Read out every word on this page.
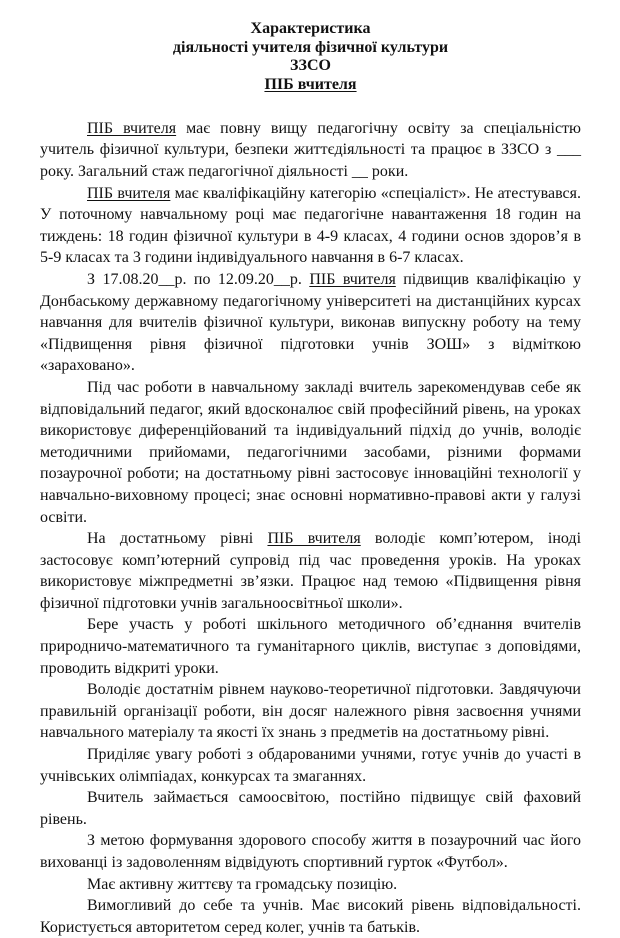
Характеристика
діяльності учителя фізичної культури
ЗЗСО
ПІБ вчителя

ПІБ вчителя має повну вищу педагогічну освіту за спеціальністю учитель фізичної культури, безпеки життєдіяльності та працює в ЗЗСО з ___ року. Загальний стаж педагогічної діяльності __ роки.

ПІБ вчителя має кваліфікаційну категорію «спеціаліст». Не атестувався. У поточному навчальному році має педагогічне навантаження 18 годин на тиждень: 18 годин фізичної культури в 4-9 класах, 4 години основ здоров’я в 5-9 класах та 3 години індивідуального навчання в 6-7 класах.

З 17.08.20__р. по 12.09.20__р. ПІБ вчителя підвищив кваліфікацію у Донбаському державному педагогічному університеті на дистанційних курсах навчання для вчителів фізичної культури, виконав випускну роботу на тему «Підвищення рівня фізичної підготовки учнів ЗОШ» з відміткою «зараховано».

Під час роботи в навчальному закладі вчитель зарекомендував себе як відповідальний педагог, який вдосконалює свій професійний рівень, на уроках використовує диференційований та індивідуальний підхід до учнів, володіє методичними прийомами, педагогічними засобами, різними формами позаурочної роботи; на достатньому рівні застосовує інноваційні технології у навчально-виховному процесі; знає основні нормативно-правові акти у галузі освіти.

На достатньому рівні ПІБ вчителя володіє комп’ютером, іноді застосовує комп’ютерний супровід під час проведення уроків. На уроках використовує міжпредметні зв’язки. Працює над темою «Підвищення рівня фізичної підготовки учнів загальноосвітньої школи».

Бере участь у роботі шкільного методичного об’єднання вчителів природничо-математичного та гуманітарного циклів, виступає з доповідями, проводить відкриті уроки.

Володіє достатнім рівнем науково-теоретичної підготовки. Завдячуючи правильній організації роботи, він досяг належного рівня засвоєння учнями навчального матеріалу та якості їх знань з предметів на достатньому рівні.

Приділяє увагу роботі з обдарованими учнями, готує учнів до участі в учнівських олімпіадах, конкурсах та змаганнях.

Вчитель займається самоосвітою, постійно підвищує свій фаховий рівень.

З метою формування здорового способу життя в позаурочний час його вихованці із задоволенням відвідують спортивний гурток «Футбол».

Має активну життєву та громадську позицію.

Вимогливий до себе та учнів. Має високий рівень відповідальності. Користується авторитетом серед колег, учнів та батьків.
